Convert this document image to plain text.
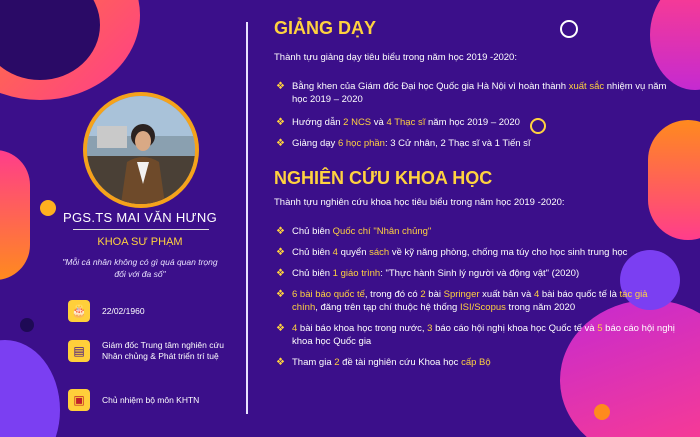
PGS.TS MAI VĂN HƯNG
KHOA SƯ PHẠM
"Mỗi cá nhân không có gì quá quan trọng đối với đa số"
🎂	22/02/1960
▤	Giám đốc Trung tâm nghiên cứu Nhân chủng & Phát triển trí tuệ
▣	Chủ nhiệm bộ môn KHTN
GIẢNG DẠY
Thành tựu giảng dạy tiêu biểu trong năm học 2019 -2020:
❖ Bằng khen của Giám đốc Đại học Quốc gia Hà Nội vì hoàn thành xuất sắc nhiệm vụ năm học 2019 – 2020
❖ Hướng dẫn 2 NCS và 4 Thạc sĩ năm học 2019 – 2020
❖ Giảng dạy 6 học phần: 3 Cử nhân, 2 Thạc sĩ và 1 Tiến sĩ
NGHIÊN CỨU KHOA HỌC
Thành tựu nghiên cứu khoa học tiêu biểu trong năm học 2019 -2020:
❖ Chủ biên Quốc chí "Nhân chủng"
❖ Chủ biên 4 quyển sách về kỹ năng phòng, chống ma túy cho học sinh trung học
❖ Chủ biên 1 giáo trình: "Thực hành Sinh lý người và động vật" (2020)
❖ 6 bài báo quốc tế, trong đó có 2 bài Springer xuất bản và 4 bài báo quốc tế là tác giả chính, đăng trên tạp chí thuộc hệ thống ISI/Scopus trong năm 2020
❖ 4 bài báo khoa học trong nước, 3 báo cáo hội nghị khoa học Quốc tế và 5 báo cáo hội nghị khoa học Quốc gia
❖ Tham gia 2 đề tài nghiên cứu Khoa học cấp Bộ
